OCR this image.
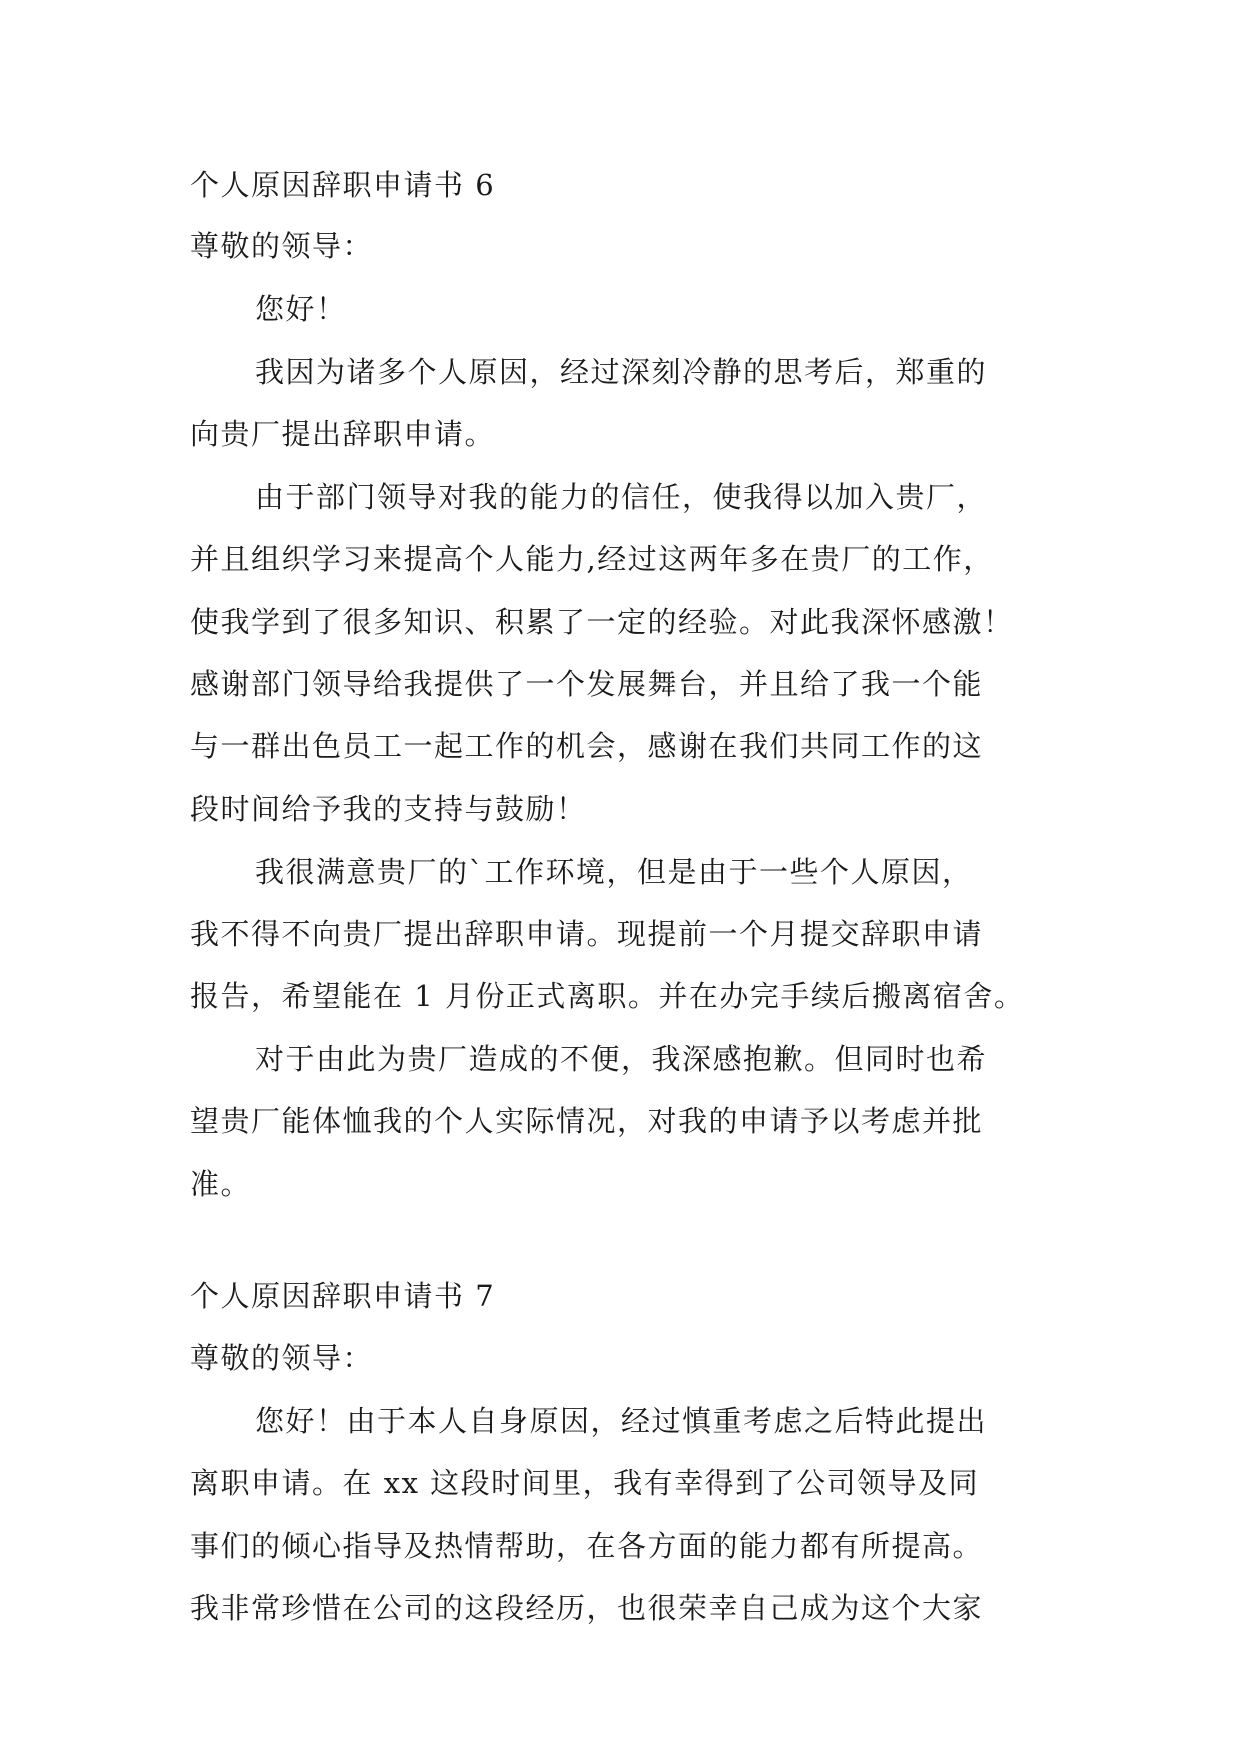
个人原因辞职申请书 6
尊敬的领导：
您好！
我因为诸多个人原因，经过深刻冷静的思考后，郑重的
向贵厂提出辞职申请。
由于部门领导对我的能力的信任，使我得以加入贵厂，
并且组织学习来提高个人能力,经过这两年多在贵厂的工作，
使我学到了很多知识、积累了一定的经验。对此我深怀感激！
感谢部门领导给我提供了一个发展舞台，并且给了我一个能
与一群出色员工一起工作的机会，感谢在我们共同工作的这
段时间给予我的支持与鼓励！
我很满意贵厂的`工作环境，但是由于一些个人原因，
我不得不向贵厂提出辞职申请。现提前一个月提交辞职申请
报告，希望能在 1 月份正式离职。并在办完手续后搬离宿舍。
对于由此为贵厂造成的不便，我深感抱歉。但同时也希
望贵厂能体恤我的个人实际情况，对我的申请予以考虑并批
准。
个人原因辞职申请书 7
尊敬的领导：
您好！由于本人自身原因，经过慎重考虑之后特此提出
离职申请。在 xx 这段时间里，我有幸得到了公司领导及同
事们的倾心指导及热情帮助，在各方面的能力都有所提高。
我非常珍惜在公司的这段经历，也很荣幸自己成为这个大家
